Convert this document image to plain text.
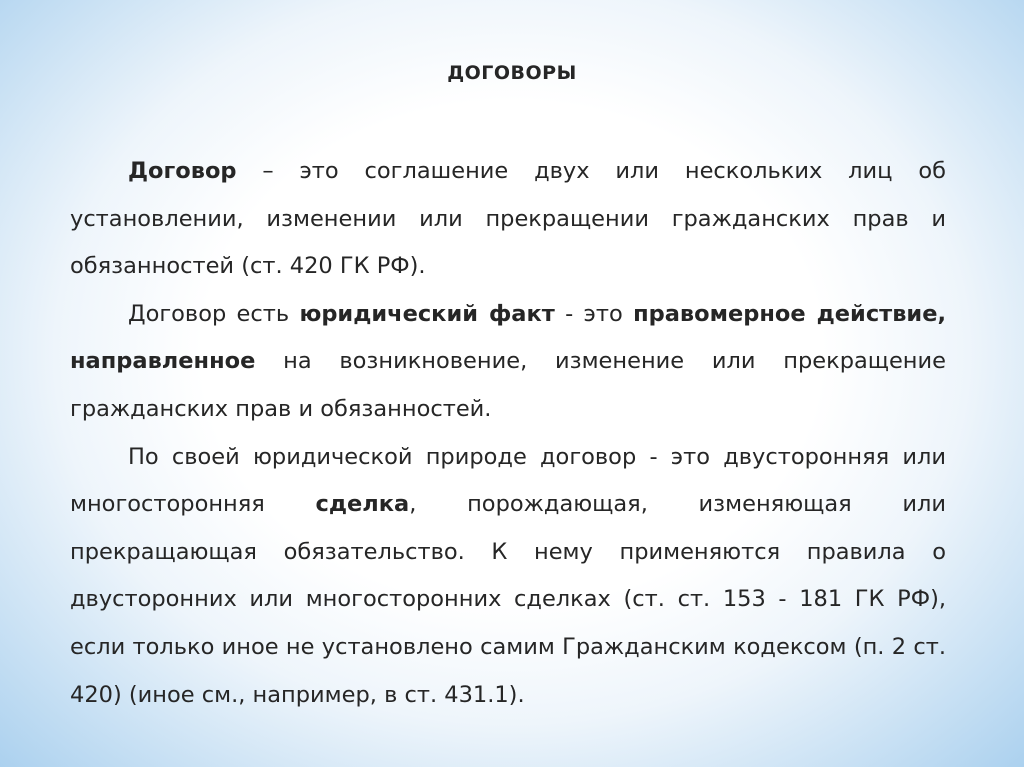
ДОГОВОРЫ

Договор – это соглашение двух или нескольких лиц об установлении, изменении или прекращении гражданских прав и обязанностей (ст. 420 ГК РФ).

Договор есть юридический факт - это правомерное действие, направленное на возникновение, изменение или прекращение гражданских прав и обязанностей.

По своей юридической природе договор - это двусторонняя или многосторонняя сделка, порождающая, изменяющая или прекращающая обязательство. К нему применяются правила о двусторонних или многосторонних сделках (ст. ст. 153 - 181 ГК РФ), если только иное не установлено самим Гражданским кодексом (п. 2 ст. 420) (иное см., например, в ст. 431.1).
